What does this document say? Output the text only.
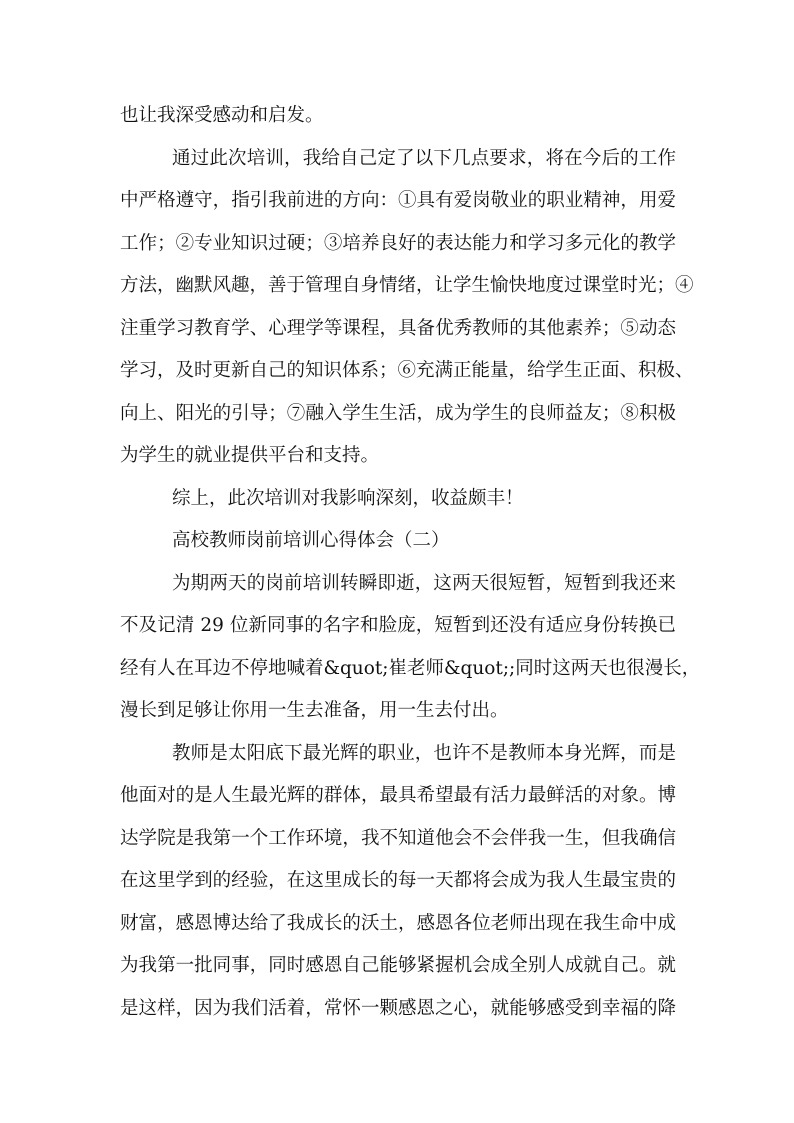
也让我深受感动和启发。
通过此次培训，我给自己定了以下几点要求，将在今后的工作
中严格遵守，指引我前进的方向：①具有爱岗敬业的职业精神，用爱
工作；②专业知识过硬；③培养良好的表达能力和学习多元化的教学
方法，幽默风趣，善于管理自身情绪，让学生愉快地度过课堂时光；④
注重学习教育学、心理学等课程，具备优秀教师的其他素养；⑤动态
学习，及时更新自己的知识体系；⑥充满正能量，给学生正面、积极、
向上、阳光的引导；⑦融入学生生活，成为学生的良师益友；⑧积极
为学生的就业提供平台和支持。
综上，此次培训对我影响深刻，收益颇丰！
高校教师岗前培训心得体会（二）
为期两天的岗前培训转瞬即逝，这两天很短暂，短暂到我还来
不及记清 29 位新同事的名字和脸庞，短暂到还没有适应身份转换已
经有人在耳边不停地喊着&quot;崔老师&quot;;同时这两天也很漫长，
漫长到足够让你用一生去准备，用一生去付出。
教师是太阳底下最光辉的职业，也许不是教师本身光辉，而是
他面对的是人生最光辉的群体，最具希望最有活力最鲜活的对象。博
达学院是我第一个工作环境，我不知道他会不会伴我一生，但我确信
在这里学到的经验，在这里成长的每一天都将会成为我人生最宝贵的
财富，感恩博达给了我成长的沃土，感恩各位老师出现在我生命中成
为我第一批同事，同时感恩自己能够紧握机会成全别人成就自己。就
是这样，因为我们活着，常怀一颗感恩之心，就能够感受到幸福的降
